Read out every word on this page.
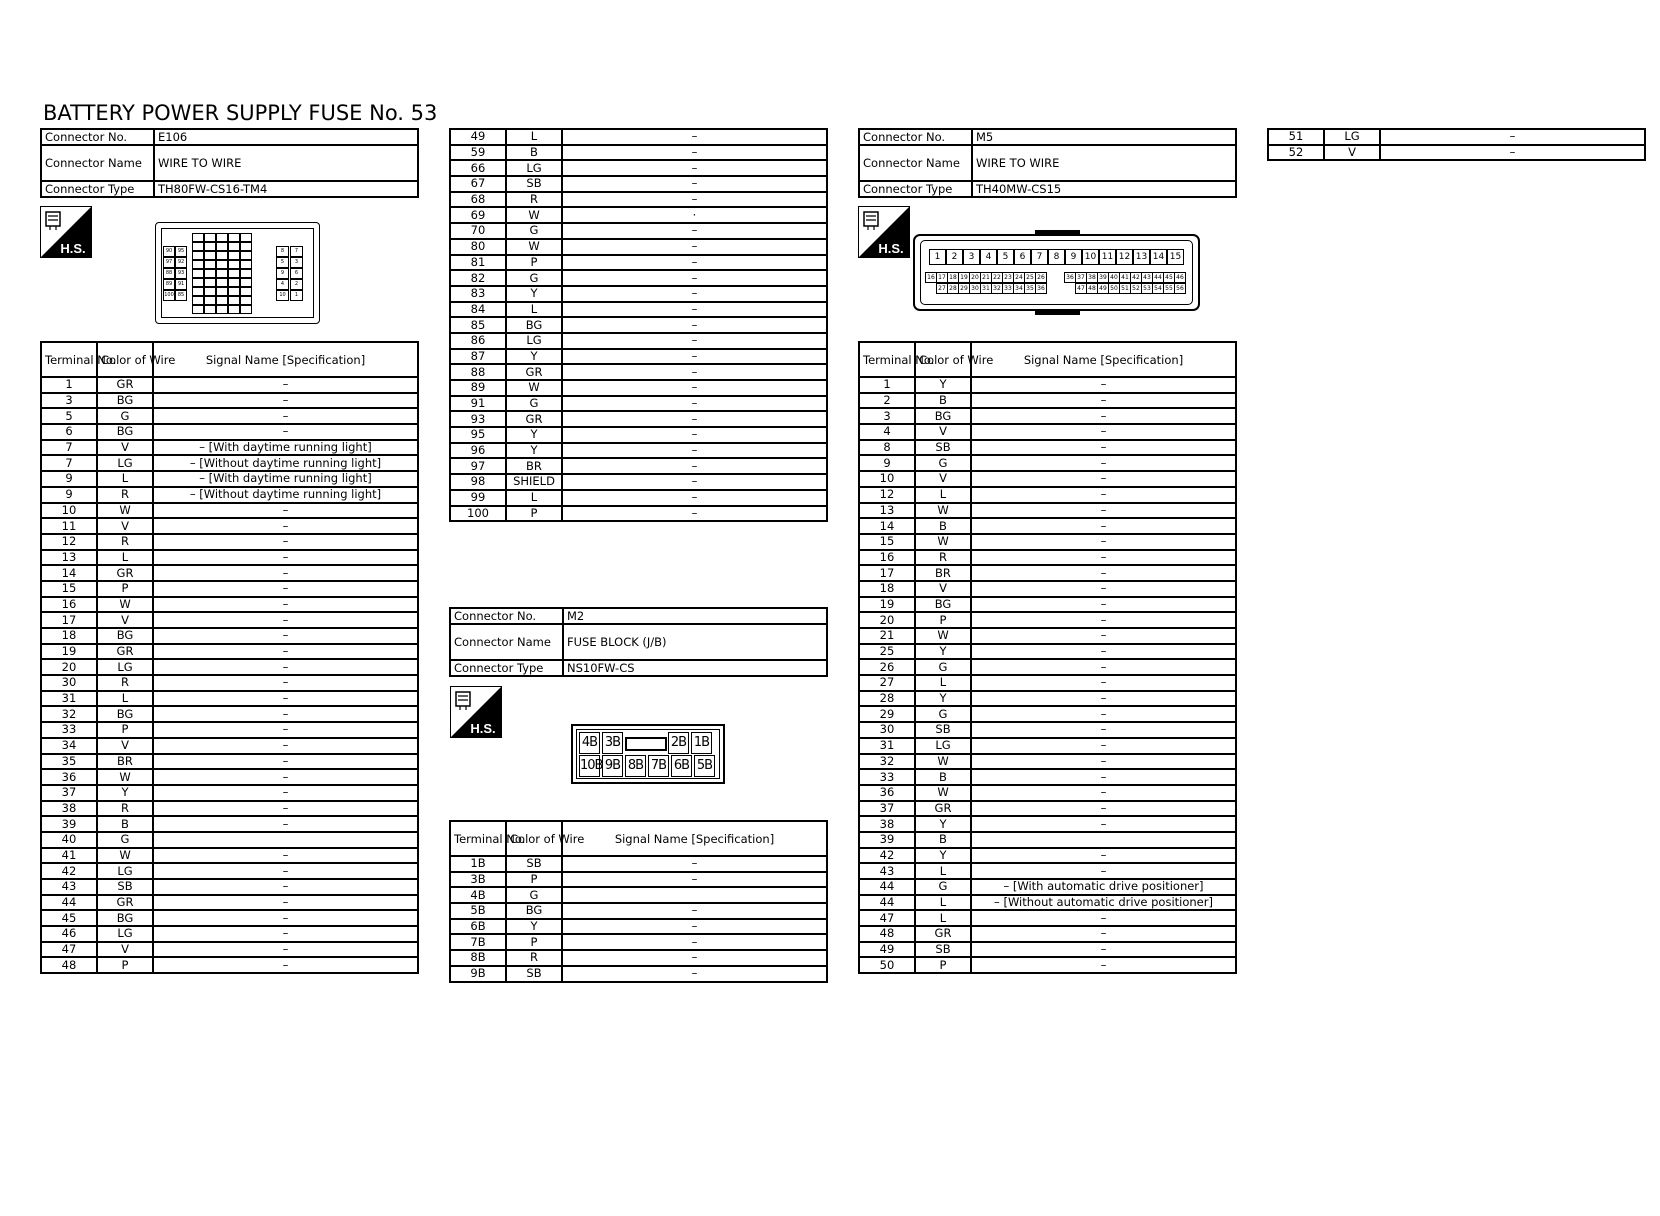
BATTERY POWER SUPPLY FUSE No. 53
Connector No.	E106
Connector Name	WIRE TO WIRE
Connector Type	TH80FW-CS16-TM4
H.S.	90	95
97	92
88	93
89	91
100 85
8	7
5	3
9	6
4	2
10	1
Terminal No.	Color of Wire	Signal Name [Specification]
1	GR	–
3	BG	–
5	G	–
6	BG	–
7	V	– [With daytime running light]
7	LG	– [Without daytime running light]
9	L	– [With daytime running light]
9	R	– [Without daytime running light]
10	W	–
11	V	–
12	R	–
13	L	–
14	GR	–
15	P	–
16	W	–
17	V	–
18	BG	–
19	GR	–
20	LG	–
30	R	–
31	L	–
32	BG	–
33	P	–
34	V	–
35	BR	–
36	W	–
37	Y	–
38	R	–
39	B	–
40	G	
41	W	–
42	LG	–
43	SB	–
44	GR	–
45	BG	–
46	LG	–
47	V	–
48	P	–
49	L	–
59	B	–
66	LG	–
67	SB	–
68	R	–
69	W	·
70	G	–
80	W	–
81	P	–
82	G	–
83	Y	–
84	L	–
85	BG	–
86	LG	–
87	Y	–
88	GR	–
89	W	–
91	G	–
93	GR	–
95	Y	–
96	Y	–
97	BR	–
98	SHIELD	–
99	L	–
100	P	–
Connector No.	M2
Connector Name	FUSE BLOCK (J/B)
Connector Type	NS10FW-CS
H.S.
4B 3B	2B 1B
10B 9B 8B 7B 6B 5B
Terminal No.	Color of Wire	Signal Name [Specification]
1B	SB	–
3B	P	–
4B	G	
5B	BG	–
6B	Y	–
7B	P	–
8B	R	–
9B	SB	–
Connector No.	M5
Connector Name	WIRE TO WIRE
Connector Type	TH40MW-CS15
H.S.
1	2	3	4	5	6	7	8	9 10 11 12 13 14 15
16 17 18 19 20 21 22 23 24 25 26
27 28 29 30 31 32 33 34 35 36
36 37 38 39 40 41 42 43 44 45 46
47 48 49 50 51 52 53 54 55 56
Terminal No.	Color of Wire	Signal Name [Specification]
1	Y	–
2	B	–
3	BG	–
4	V	–
8	SB	–
9	G	–
10	V	–
12	L	–
13	W	–
14	B	–
15	W	–
16	R	–
17	BR	–
18	V	–
19	BG	–
20	P	–
21	W	–
25	Y	–
26	G	–
27	L	–
28	Y	–
29	G	–
30	SB	–
31	LG	–
32	W	–
33	B	–
36	W	–
37	GR	–
38	Y	–
39	B	
42	Y	–
43	L	–
44	G	– [With automatic drive positioner]
44	L	– [Without automatic drive positioner]
47	L	–
48	GR	–
49	SB	–
50	P	–
51	LG	–
52	V	–
